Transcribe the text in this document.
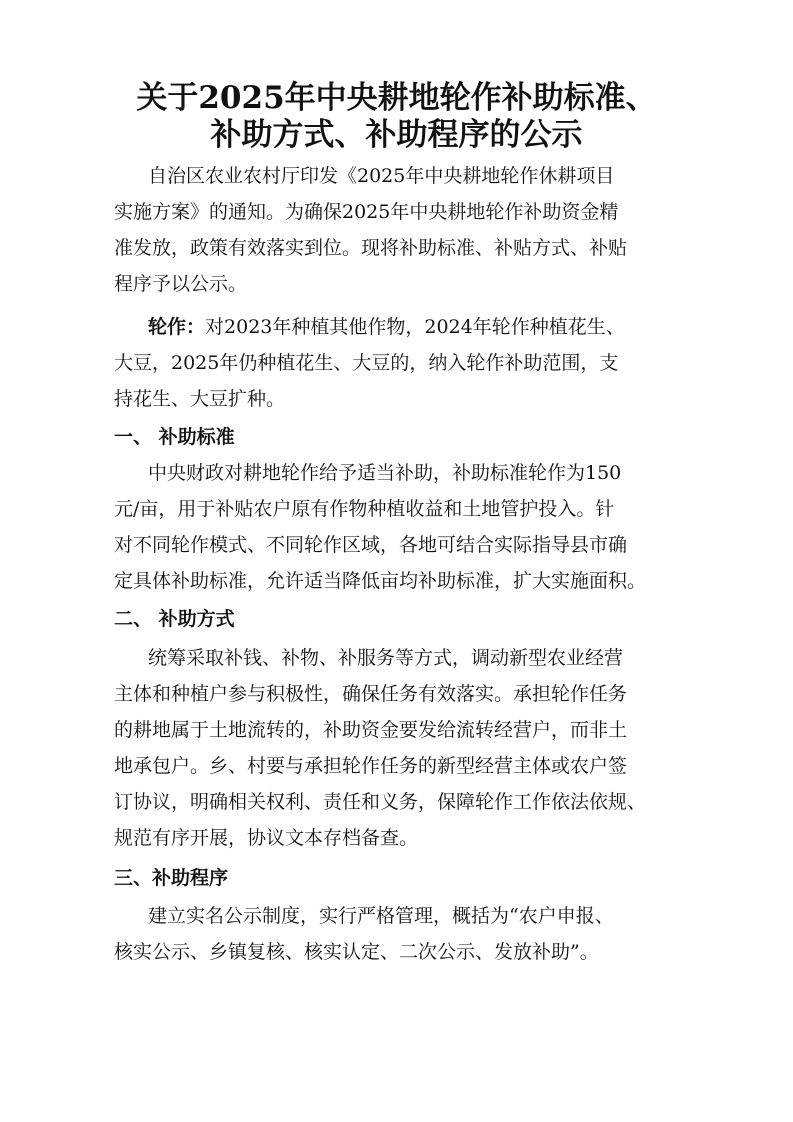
关于2025年中央耕地轮作补助标准、
补助方式、补助程序的公示
自治区农业农村厅印发《2025年中央耕地轮作休耕项目
实施方案》的通知。为确保2025年中央耕地轮作补助资金精
准发放，政策有效落实到位。现将补助标准、补贴方式、补贴
程序予以公示。
轮作：对2023年种植其他作物，2024年轮作种植花生、
大豆，2025年仍种植花生、大豆的，纳入轮作补助范围，支
持花生、大豆扩种。
一、 补助标准
中央财政对耕地轮作给予适当补助，补助标准轮作为150
元/亩，用于补贴农户原有作物种植收益和土地管护投入。针
对不同轮作模式、不同轮作区域，各地可结合实际指导县市确
定具体补助标准，允许适当降低亩均补助标准，扩大实施面积。
二、 补助方式
统筹采取补钱、补物、补服务等方式，调动新型农业经营
主体和种植户参与积极性，确保任务有效落实。承担轮作任务
的耕地属于土地流转的，补助资金要发给流转经营户，而非土
地承包户。乡、村要与承担轮作任务的新型经营主体或农户签
订协议，明确相关权利、责任和义务，保障轮作工作依法依规、
规范有序开展，协议文本存档备查。
三、补助程序
建立实名公示制度，实行严格管理，概括为“农户申报、
核实公示、乡镇复核、核实认定、二次公示、发放补助”。
